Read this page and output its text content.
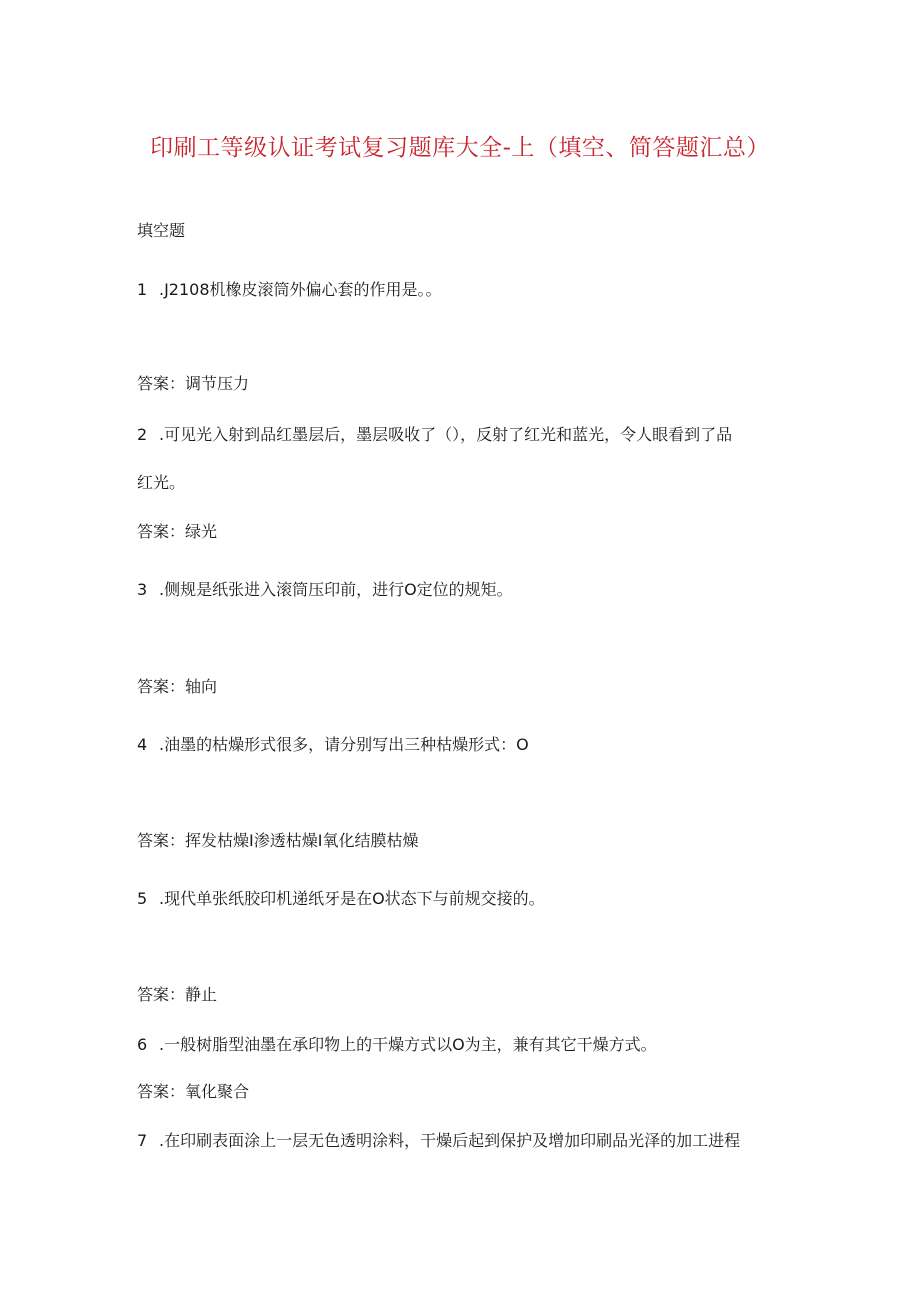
印刷工等级认证考试复习题库大全-上（填空、简答题汇总）
填空题
1 .J2108机橡皮滚筒外偏心套的作用是。。
答案：调节压力
2 .可见光入射到品红墨层后，墨层吸收了（），反射了红光和蓝光，令人眼看到了品
红光。
答案：绿光
3 .侧规是纸张进入滚筒压印前，进行O定位的规矩。
答案：轴向
4 .油墨的枯燥形式很多，请分别写出三种枯燥形式：O
答案：挥发枯燥I渗透枯燥I氧化结膜枯燥
5 .现代单张纸胶印机递纸牙是在O状态下与前规交接的。
答案：静止
6 .一般树脂型油墨在承印物上的干燥方式以O为主，兼有其它干燥方式。
答案：氧化聚合
7 .在印刷表面涂上一层无色透明涂料，干燥后起到保护及增加印刷品光泽的加工进程
